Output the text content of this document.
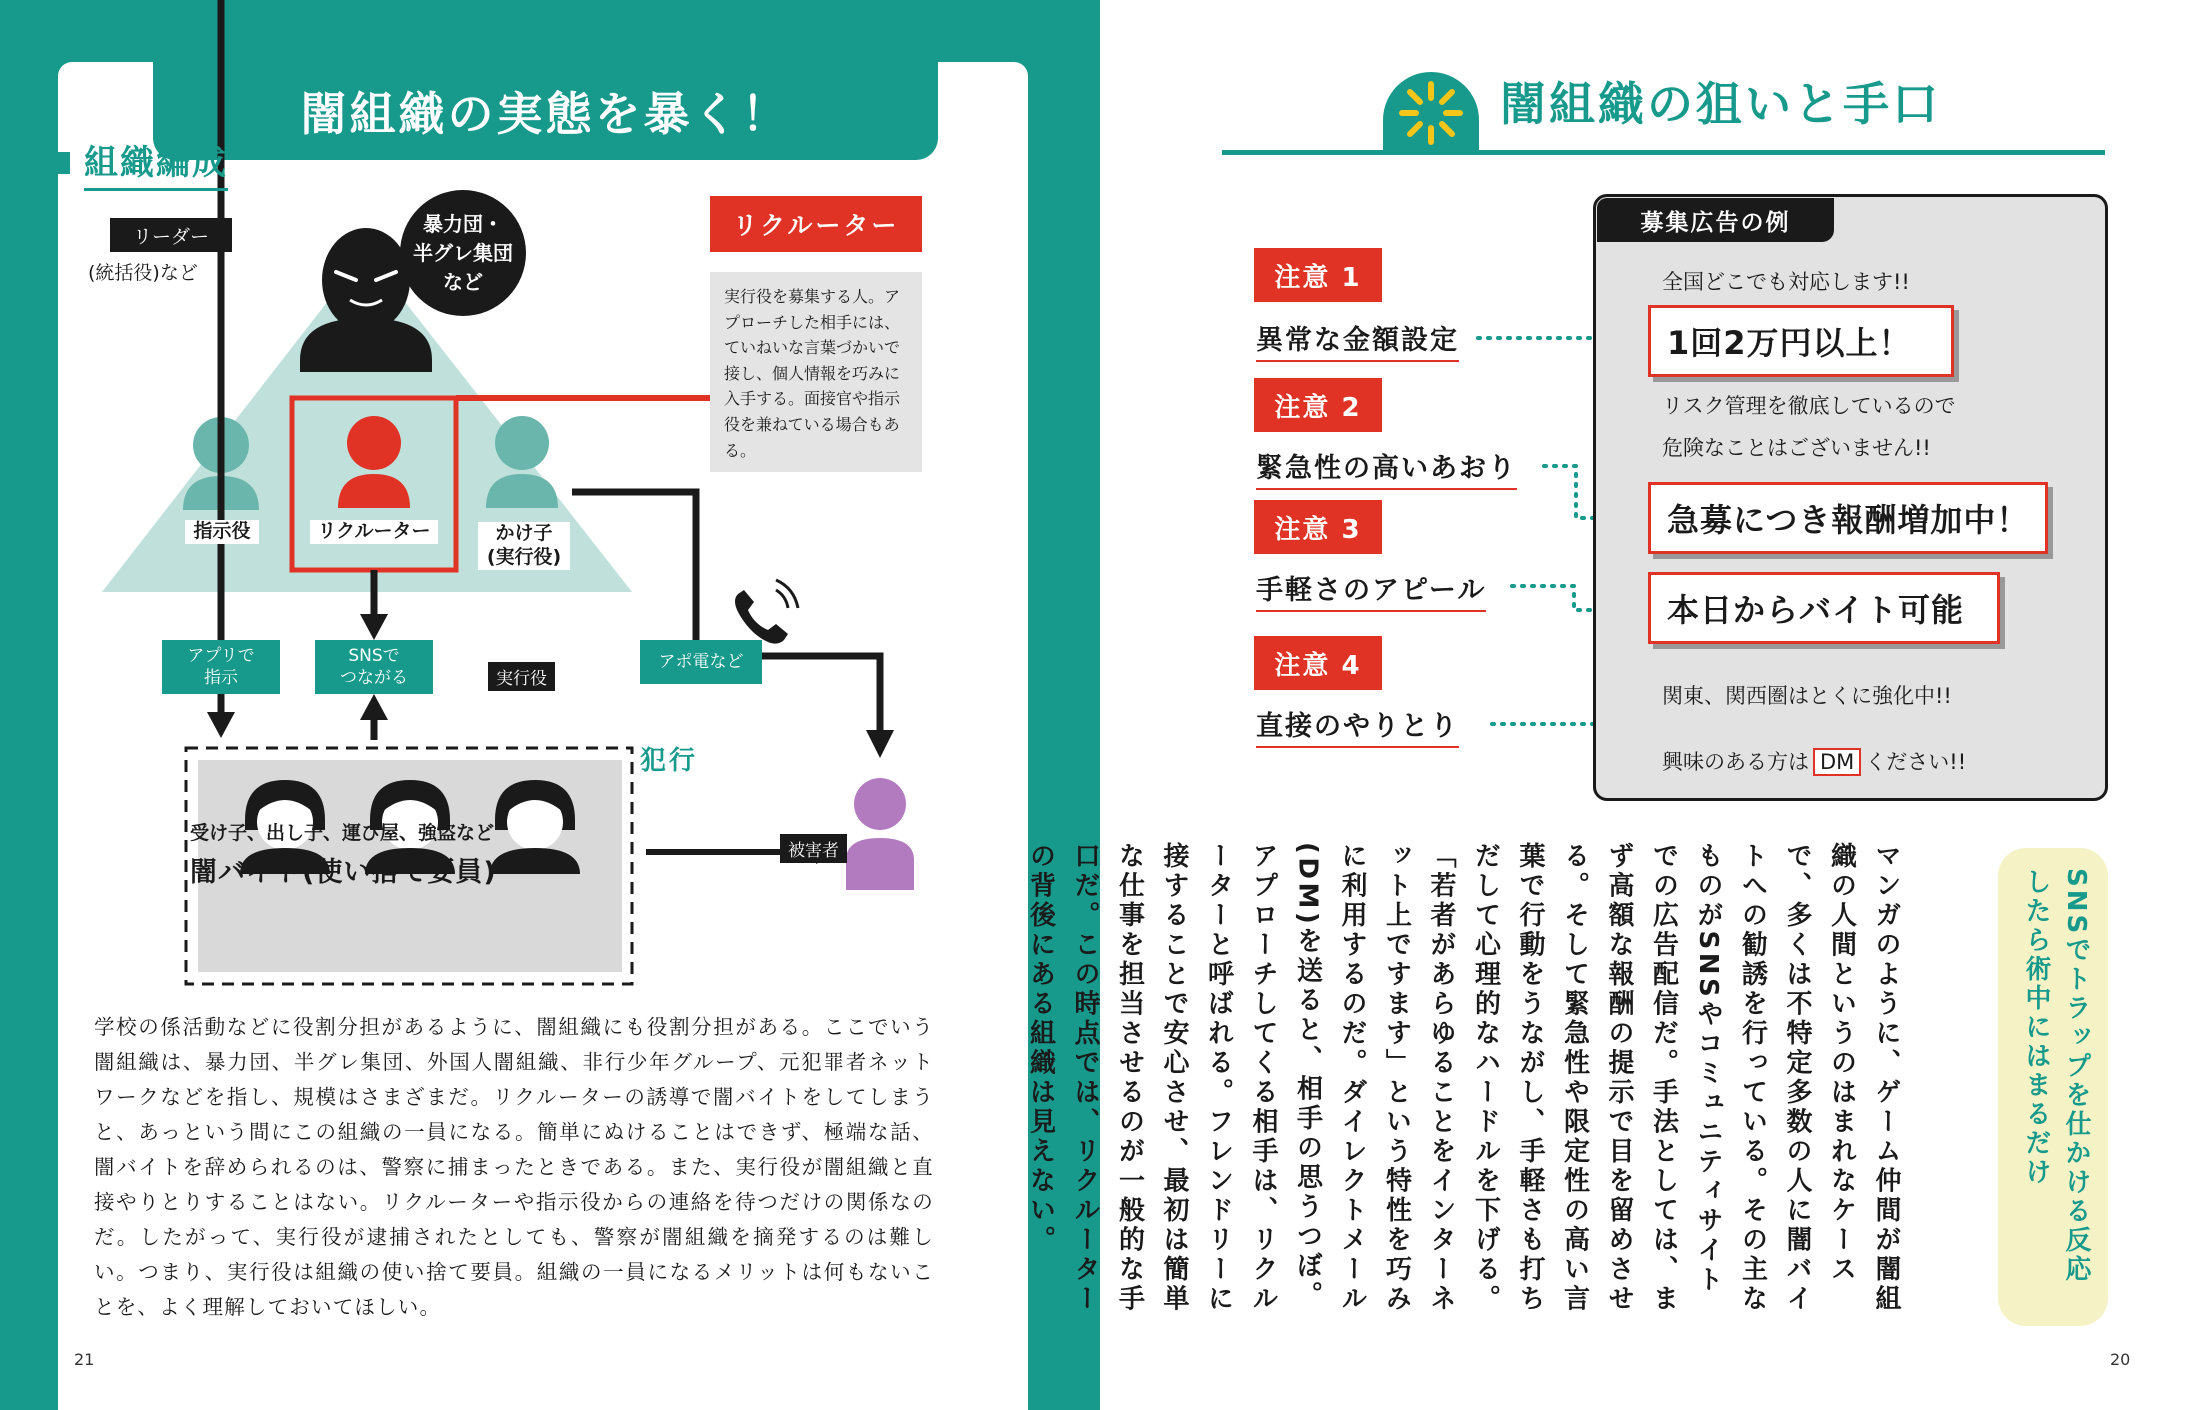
闇組織の実態を暴く！
組織編成
リーダー
(統括役)など
暴力団・
半グレ集団
など
指示役	リクルーター	かけ子
(実行役)
アプリで
指示
SNSで
つながる
アポ電など
リクルーター
実行役を募集する人。アプローチした相手には、ていねいな言葉づかいで接し、個人情報を巧みに入手する。面接官や指示役を兼ねている場合もある。
実行役
受け子、出し子、運び屋、強盗など
闇バイト(使い捨て要員)
犯行
被害者
学校の係活動などに役割分担があるように、闇組織にも役割分担がある。ここでいう闇組織は、暴力団、半グレ集団、外国人闇組織、非行少年グループ、元犯罪者ネットワークなどを指し、規模はさまざまだ。リクルーターの誘導で闇バイトをしてしまうと、あっという間にこの組織の一員になる。簡単にぬけることはできず、極端な話、闇バイトを辞められるのは、警察に捕まったときである。また、実行役が闇組織と直接やりとりすることはない。リクルーターや指示役からの連絡を待つだけの関係なのだ。したがって、実行役が逮捕されたとしても、警察が闇組織を摘発するのは難しい。つまり、実行役は組織の使い捨て要員。組織の一員になるメリットは何もないことを、よく理解しておいてほしい。
21
闇組織の狙いと手口
募集広告の例
全国どこでも対応します!!
1回2万円以上！
リスク管理を徹底しているので
危険なことはございません!!
急募につき報酬増加中！
本日からバイト可能
関東、関西圏はとくに強化中!!
興味のある方は DM ください!!
注意 1
異常な金額設定
注意 2
緊急性の高いあおり
注意 3
手軽さのアピール
注意 4
直接のやりとり
SNSでトラップを仕かける反応したら術中にはまるだけ
マンガのように、ゲーム仲間が闇組織の人間というのはまれなケースで、多くは不特定多数の人に闇バイトへの勧誘を行っている。その主なものがSNSやコミュニティサイトでの広告配信だ。手法としては、まず高額な報酬の提示で目を留めさせる。そして緊急性や限定性の高い言葉で行動をうながし、手軽さも打ちだして心理的なハードルを下げる。「若者があらゆることをインターネット上ですます」という特性を巧みに利用するのだ。ダイレクトメール(DM)を送ると、相手の思うつぼ。アプローチしてくる相手は、リクルーターと呼ばれる。フレンドリーに接することで安心させ、最初は簡単な仕事を担当させるのが一般的な手口だ。この時点では、リクルーターの背後にある組織は見えない。
20
